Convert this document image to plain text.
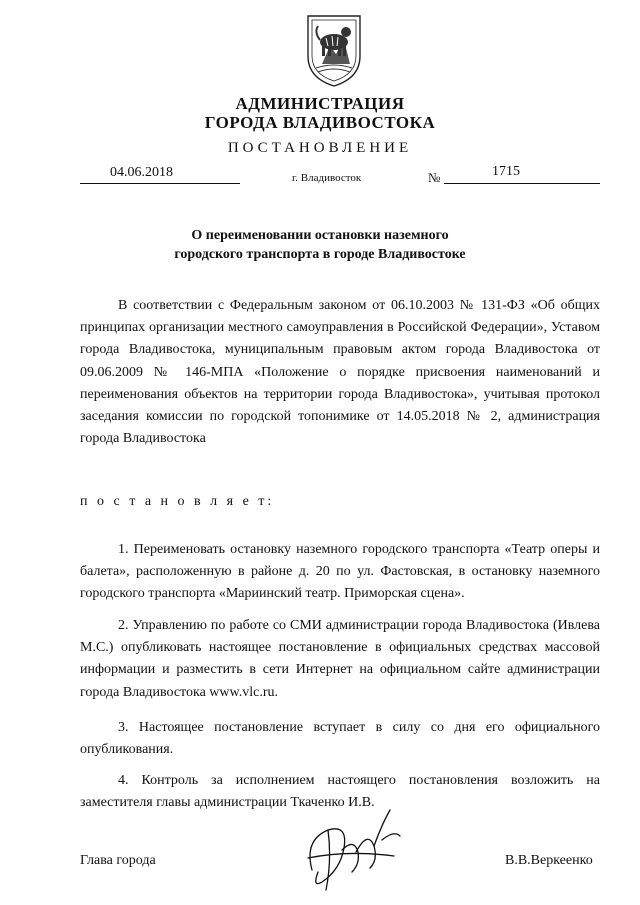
АДМИНИСТРАЦИЯ
ГОРОДА ВЛАДИВОСТОКА
ПОСТАНОВЛЕНИЕ
04.06.2018	г. Владивосток	№	1715
О переименовании остановки наземного
городского транспорта в городе Владивостоке
В соответствии с Федеральным законом от 06.10.2003 № 131-ФЗ «Об общих принципах организации местного самоуправления в Российской Федерации», Уставом города Владивостока, муниципальным правовым актом города Владивостока от 09.06.2009 № 146-МПА «Положение о порядке присвоения наименований и переименования объектов на территории города Владивостока», учитывая протокол заседания комиссии по городской топонимике от 14.05.2018 № 2, администрация города Владивостока
п о с т а н о в л я е т:
1. Переименовать остановку наземного городского транспорта «Театр оперы и балета», расположенную в районе д. 20 по ул. Фастовская, в остановку наземного городского транспорта «Мариинский театр. Приморская сцена».
2. Управлению по работе со СМИ администрации города Владивостока (Ивлева М.С.) опубликовать настоящее постановление в официальных средствах массовой информации и разместить в сети Интернет на официальном сайте администрации города Владивостока www.vlc.ru.
3. Настоящее постановление вступает в силу со дня его официального опубликования.
4. Контроль за исполнением настоящего постановления возложить на заместителя главы администрации Ткаченко И.В.
Глава города	В.В.Веркеенко
